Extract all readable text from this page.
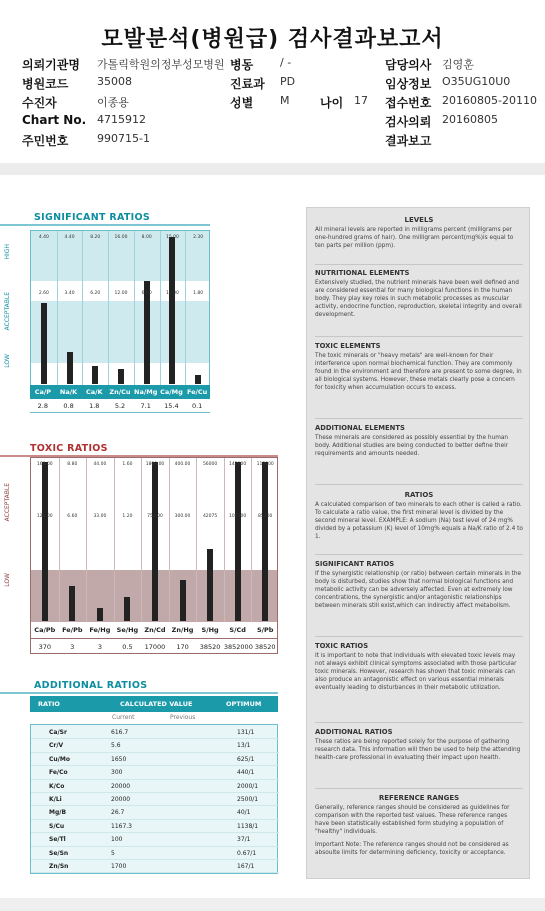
모발분석(병원급) 검사결과보고서
의뢰기관명 가톨릭학원의정부성모병원 병동 / -	담당의사 김영훈
병원코드	35008	진료과 PD	임상정보 O35UG10U0
수진자	이종용	성별 M	나이 17 접수번호 20160805-20110
Chart No. 4715912	검사의뢰 20160805
주민번호	990715-1	결과보고
SIGNIFICANT RATIOS
HIGH
ACCEPTABLE
LOW
4.40
2.60
4.40
3.40
8.20
6.20
16.00
12.00
8.00
6.00
15.00
11.00
2.30
1.80
Ca/P	Na/K	Ca/K	Zn/Cu Na/Mg Ca/Mg Fe/Cu
2.8	0.8	1.8	5.2	7.1	15.4	0.1
TOXIC RATIOS
ACCEPTABLE
LOW
168.00
126.00
8.80
6.60
44.00
33.00
1.60
1.20
1800.00
750.00
400.00
300.00
56000
42075
142000
106500
113000
85000
Ca/Pb	Fe/Pb	Fe/Hg Se/Hg Zn/Cd Zn/Hg	S/Hg	S/Cd	S/Pb
370	3	3	0.5	17000	170	38520 3852000 38520
ADDITIONAL RATIOS
RATIO	CALCULATED VALUE	OPTIMUM
Current	Previous
Ca/Sr	616.7	131/1
Cr/V	5.6	13/1
Cu/Mo	1650	625/1
Fe/Co	300	440/1
K/Co	20000	2000/1
K/Li	20000	2500/1
Mg/B	26.7	40/1
S/Cu	1167.3	1138/1
Se/Tl	100	37/1
Se/Sn	5	0.67/1
Zn/Sn	1700	167/1
LEVELS
All mineral levels are reported in milligrams percent (milligrams per one-hundred grams of hair). One milligram percent(mg%)is equal to ten parts per million (ppm).
NUTRITIONAL ELEMENTS
Extensively studied, the nutrient minerals have been well defined and are considered essential for many biological functions in the human body. They play key roles in such metabolic processes as muscular activity, endocrine function, reproduction, skeletal integrity and overall development.
TOXIC ELEMENTS
The toxic minerals or "heavy metals" are well-known for their interference upon normal biochemical function. They are commonly found in the environment and therefore are present to some degree, in all biological systems. However, these metals clearly pose a concern for toxicity when accumulation occurs to excess.
ADDITIONAL ELEMENTS
These minerals are considered as possibly essential by the human body. Additional studies are being conducted to better define their requirements and amounts needed.
RATIOS
A calculated comparison of two minerals to each other is called a ratio. To calculate a ratio value, the first mineral level is divided by the second mineral level. EXAMPLE: A sodium (Na) test level of 24 mg% divided by a potassium (K) level of 10mg% equals a Na/K ratio of 2.4 to 1.
SIGNIFICANT RATIOS
If the synergistic relationship (or ratio) between certain minerals in the body is disturbed, studies show that normal biological functions and metabolic activity can be adversely affected. Even at extremely low concentrations, the synergistic and/or antagonistic relationships between minerals still exist,which can indirectly affect metabolism.
TOXIC RATIOS
It is important to note that individuals with elevated toxic levels may not always exhibit clinical symptoms associated with those particular toxic minerals. However, research has shown that toxic minerals can also produce an antagonistic effect on various essential minerals eventually leading to disturbances in their metabolic utilization.
ADDITIONAL RATIOS
These ratios are being reported solely for the purpose of gathering research data. This information will then be used to help the attending health-care professional in evaluating their impact upon health.
REFERENCE RANGES
Generally, reference ranges should be considered as guidelines for comparison with the reported test values. These reference ranges have been statistically established form studying a population of "healthy" individuals.
Important Note: The reference ranges should not be considered as absoulte limits for determining deficiency, toxicity or acceptance.
